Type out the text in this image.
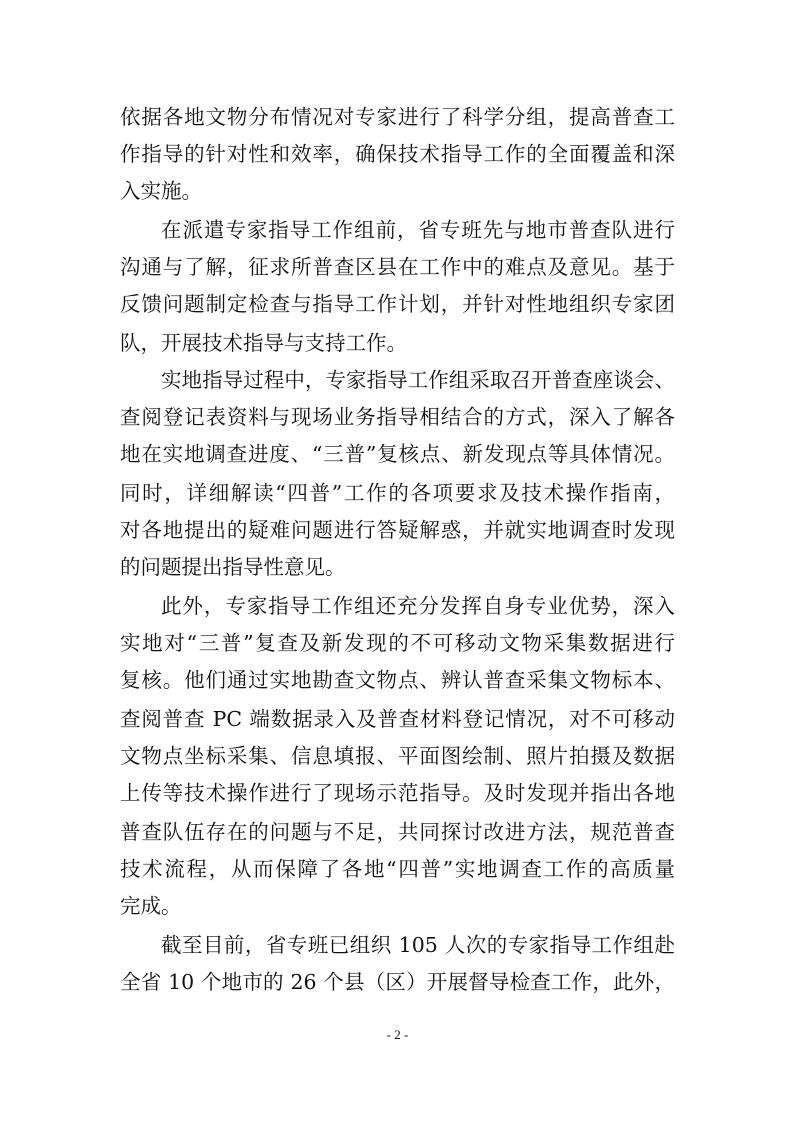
依据各地文物分布情况对专家进行了科学分组，提高普查工
作指导的针对性和效率，确保技术指导工作的全面覆盖和深
入实施。
在派遣专家指导工作组前，省专班先与地市普查队进行
沟通与了解，征求所普查区县在工作中的难点及意见。基于
反馈问题制定检查与指导工作计划，并针对性地组织专家团
队，开展技术指导与支持工作。
实地指导过程中，专家指导工作组采取召开普查座谈会、
查阅登记表资料与现场业务指导相结合的方式，深入了解各
地在实地调查进度、“三普”复核点、新发现点等具体情况。
同时，详细解读“四普”工作的各项要求及技术操作指南，
对各地提出的疑难问题进行答疑解惑，并就实地调查时发现
的问题提出指导性意见。
此外，专家指导工作组还充分发挥自身专业优势，深入
实地对“三普”复查及新发现的不可移动文物采集数据进行
复核。他们通过实地勘查文物点、辨认普查采集文物标本、
查阅普查 PC 端数据录入及普查材料登记情况，对不可移动
文物点坐标采集、信息填报、平面图绘制、照片拍摄及数据
上传等技术操作进行了现场示范指导。及时发现并指出各地
普查队伍存在的问题与不足，共同探讨改进方法，规范普查
技术流程，从而保障了各地“四普”实地调查工作的高质量
完成。
截至目前，省专班已组织 105 人次的专家指导工作组赴
全省 10 个地市的 26 个县（区）开展督导检查工作，此外，
- 2 -
